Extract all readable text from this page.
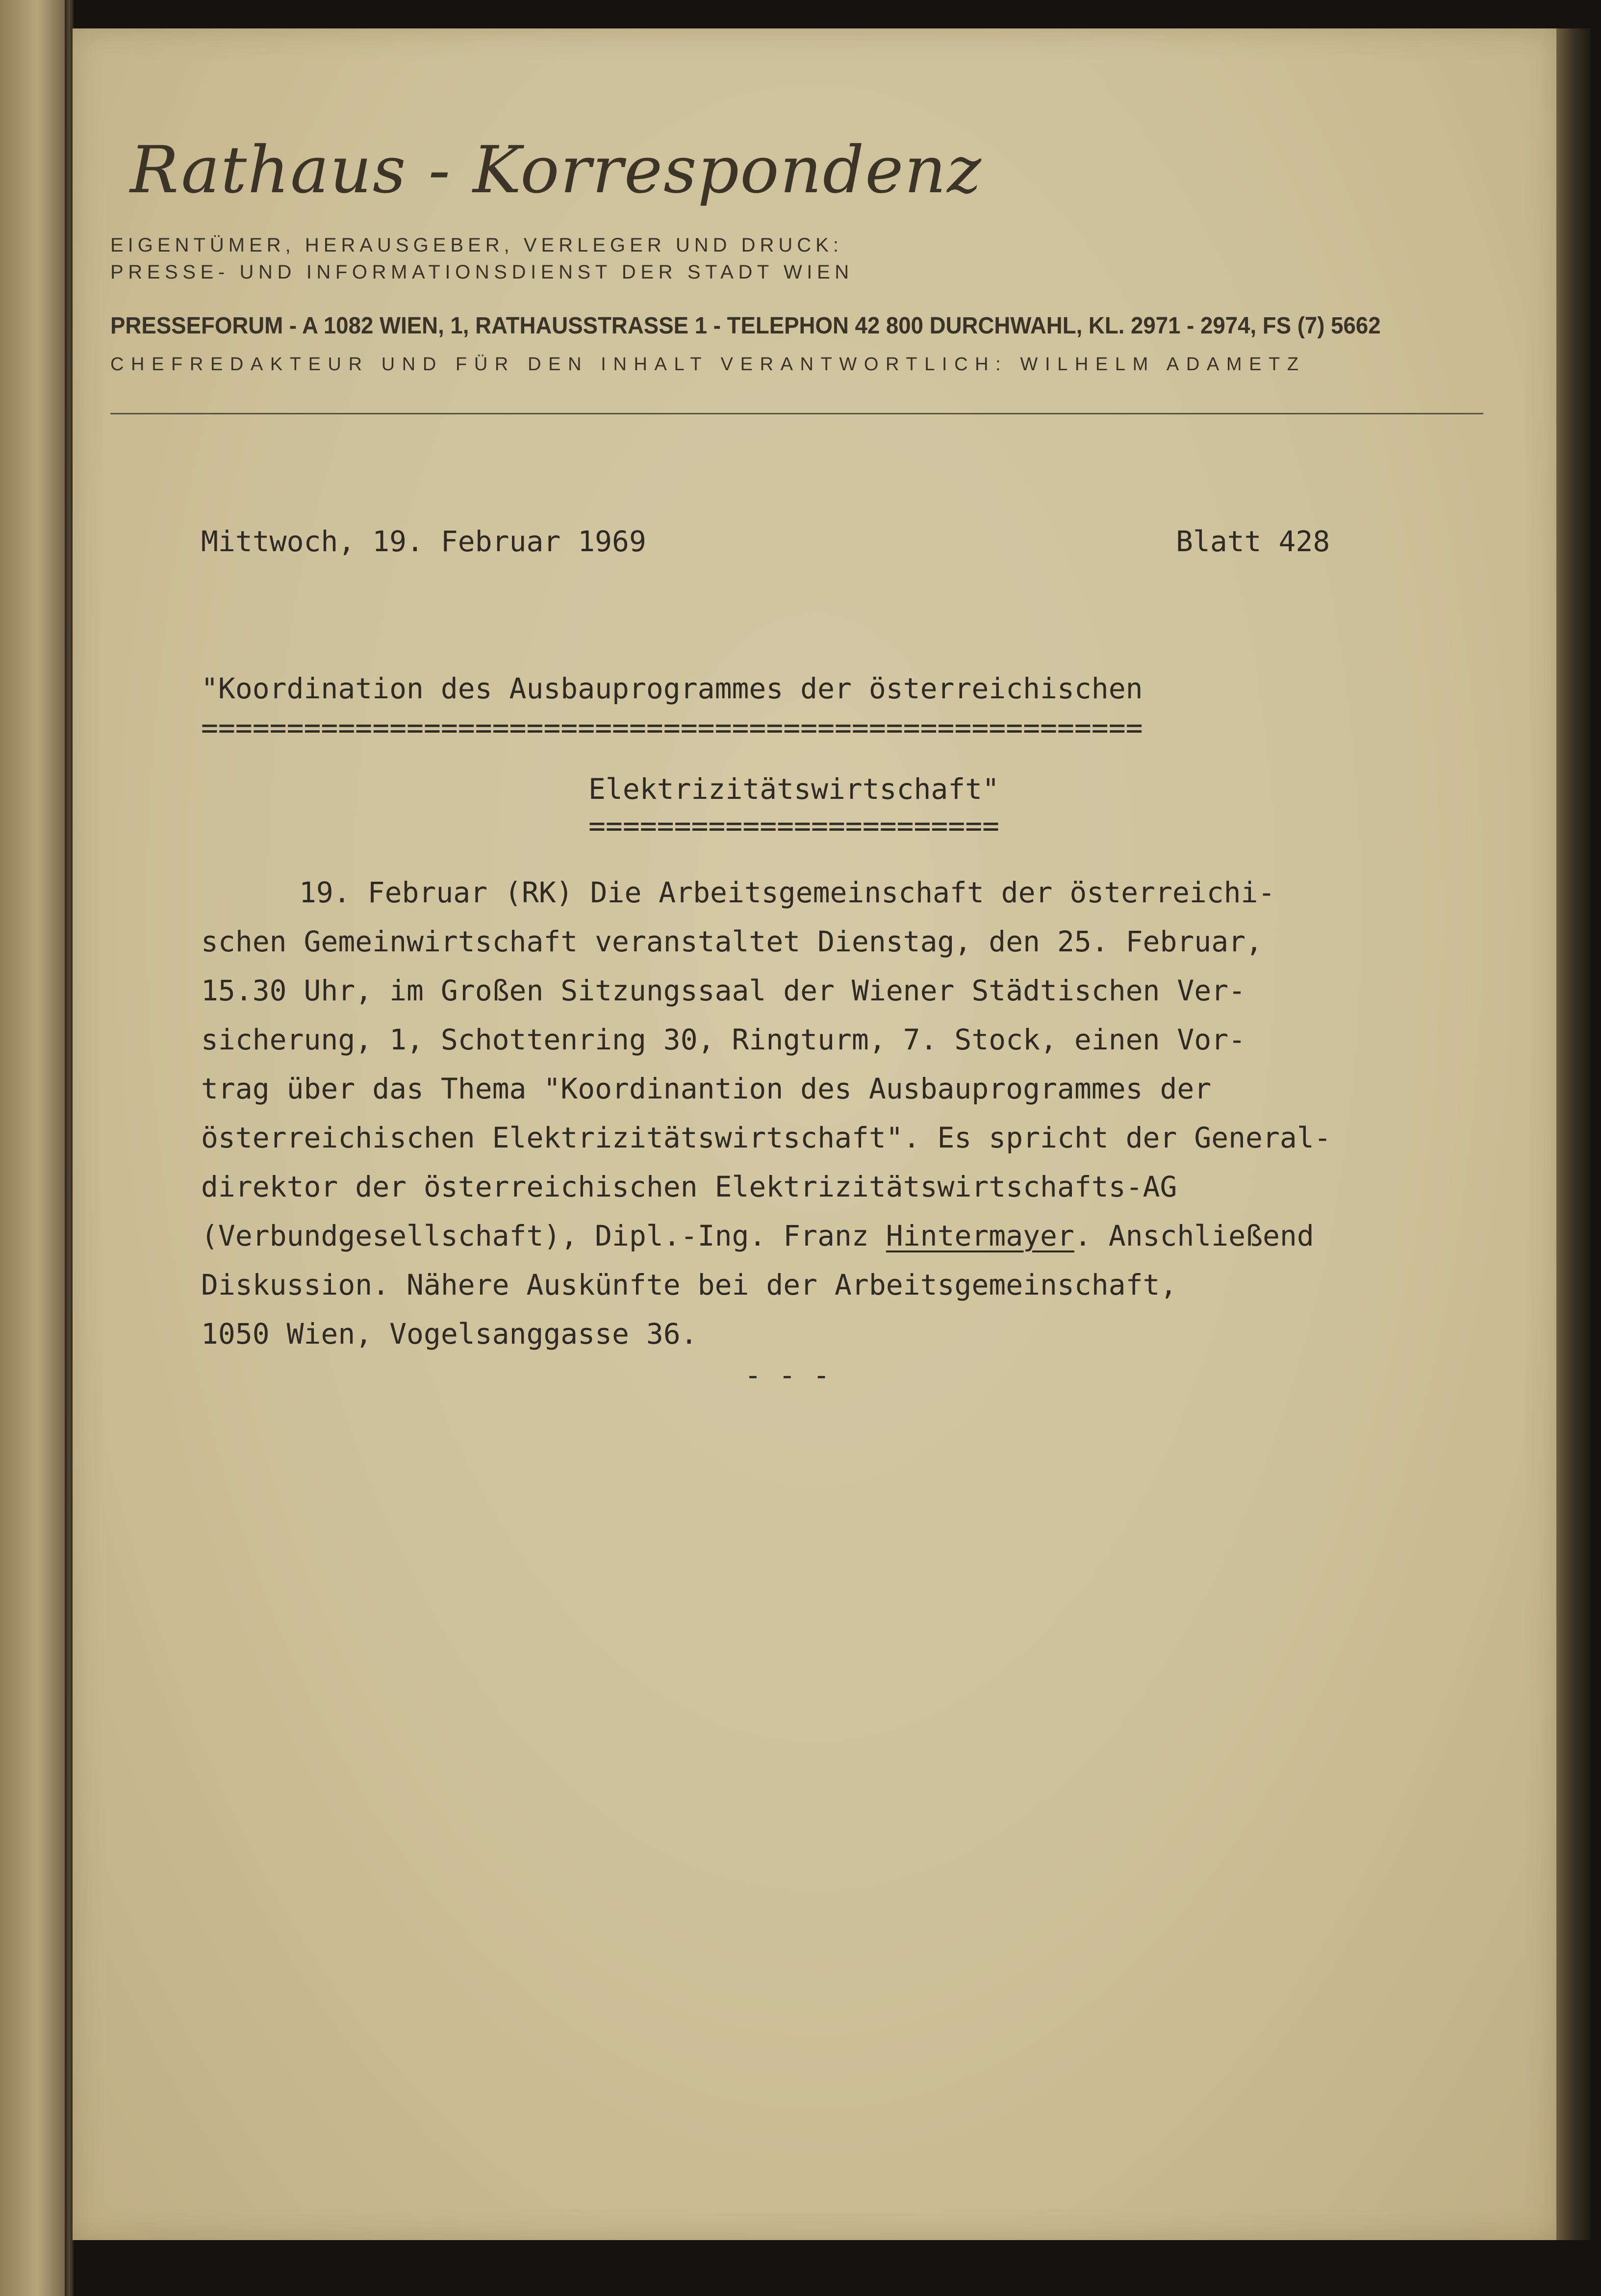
Rathaus - Korrespondenz
EIGENTÜMER, HERAUSGEBER, VERLEGER UND DRUCK:
PRESSE- UND INFORMATIONSDIENST DER STADT WIEN
PRESSEFORUM - A 1082 WIEN, 1, RATHAUSSTRASSE 1 - TELEPHON 42 800 DURCHWAHL, KL. 2971 - 2974, FS (7) 5662
CHEFREDAKTEUR UND FÜR DEN INHALT VERANTWORTLICH: WILHELM ADAMETZ
Mittwoch, 19. Februar 1969	Blatt 428
"Koordination des Ausbauprogrammes der österreichischen
=======================================================
Elektrizitätswirtschaft"
========================
19. Februar (RK) Die Arbeitsgemeinschaft der österreichi-
schen Gemeinwirtschaft veranstaltet Dienstag, den 25. Februar,
15.30 Uhr, im Großen Sitzungssaal der Wiener Städtischen Ver-
sicherung, 1, Schottenring 30, Ringturm, 7. Stock, einen Vor-
trag über das Thema "Koordinantion des Ausbauprogrammes der
österreichischen Elektrizitätswirtschaft". Es spricht der General-
direktor der österreichischen Elektrizitätswirtschafts-AG
(Verbundgesellschaft), Dipl.-Ing. Franz Hintermayer. Anschließend
Diskussion. Nähere Auskünfte bei der Arbeitsgemeinschaft,
1050 Wien, Vogelsanggasse 36.
- - -
